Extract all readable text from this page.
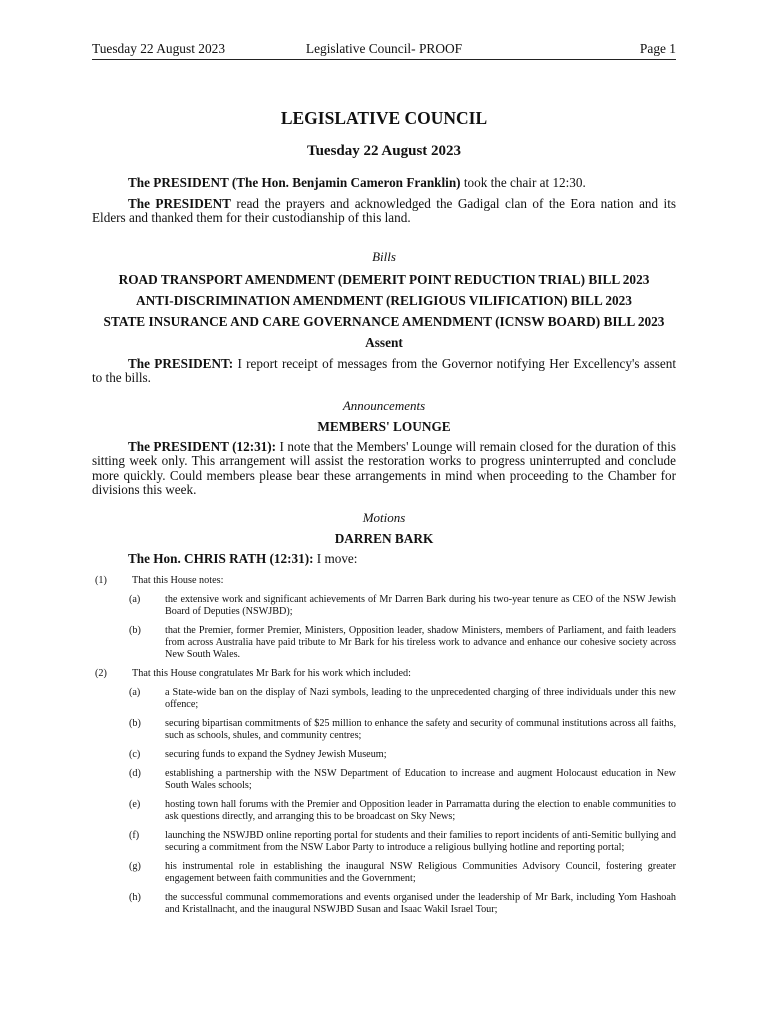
Tuesday 22 August 2023	Legislative Council- PROOF	Page 1
LEGISLATIVE COUNCIL
Tuesday 22 August 2023

The PRESIDENT (The Hon. Benjamin Cameron Franklin) took the chair at 12:30.

The PRESIDENT read the prayers and acknowledged the Gadigal clan of the Eora nation and its Elders and thanked them for their custodianship of this land.

Bills
ROAD TRANSPORT AMENDMENT (DEMERIT POINT REDUCTION TRIAL) BILL 2023
ANTI-DISCRIMINATION AMENDMENT (RELIGIOUS VILIFICATION) BILL 2023
STATE INSURANCE AND CARE GOVERNANCE AMENDMENT (ICNSW BOARD) BILL 2023
Assent

The PRESIDENT: I report receipt of messages from the Governor notifying Her Excellency's assent to the bills.

Announcements
MEMBERS' LOUNGE

The PRESIDENT (12:31): I note that the Members' Lounge will remain closed for the duration of this sitting week only. This arrangement will assist the restoration works to progress uninterrupted and conclude more quickly. Could members please bear these arrangements in mind when proceeding to the Chamber for divisions this week.

Motions
DARREN BARK

The Hon. CHRIS RATH (12:31): I move:

(1)	That this House notes:
(a)	the extensive work and significant achievements of Mr Darren Bark during his two-year tenure as CEO of the NSW Jewish Board of Deputies (NSWJBD);
(b)	that the Premier, former Premier, Ministers, Opposition leader, shadow Ministers, members of Parliament, and faith leaders from across Australia have paid tribute to Mr Bark for his tireless work to advance and enhance our cohesive society across New South Wales.
(2)	That this House congratulates Mr Bark for his work which included:
(a)	a State-wide ban on the display of Nazi symbols, leading to the unprecedented charging of three individuals under this new offence;
(b)	securing bipartisan commitments of $25 million to enhance the safety and security of communal institutions across all faiths, such as schools, shules, and community centres;
(c)	securing funds to expand the Sydney Jewish Museum;
(d)	establishing a partnership with the NSW Department of Education to increase and augment Holocaust education in New South Wales schools;
(e)	hosting town hall forums with the Premier and Opposition leader in Parramatta during the election to enable communities to ask questions directly, and arranging this to be broadcast on Sky News;
(f)	launching the NSWJBD online reporting portal for students and their families to report incidents of anti-Semitic bullying and securing a commitment from the NSW Labor Party to introduce a religious bullying hotline and reporting portal;
(g)	his instrumental role in establishing the inaugural NSW Religious Communities Advisory Council, fostering greater engagement between faith communities and the Government;
(h)	the successful communal commemorations and events organised under the leadership of Mr Bark, including Yom Hashoah and Kristallnacht, and the inaugural NSWJBD Susan and Isaac Wakil Israel Tour;
